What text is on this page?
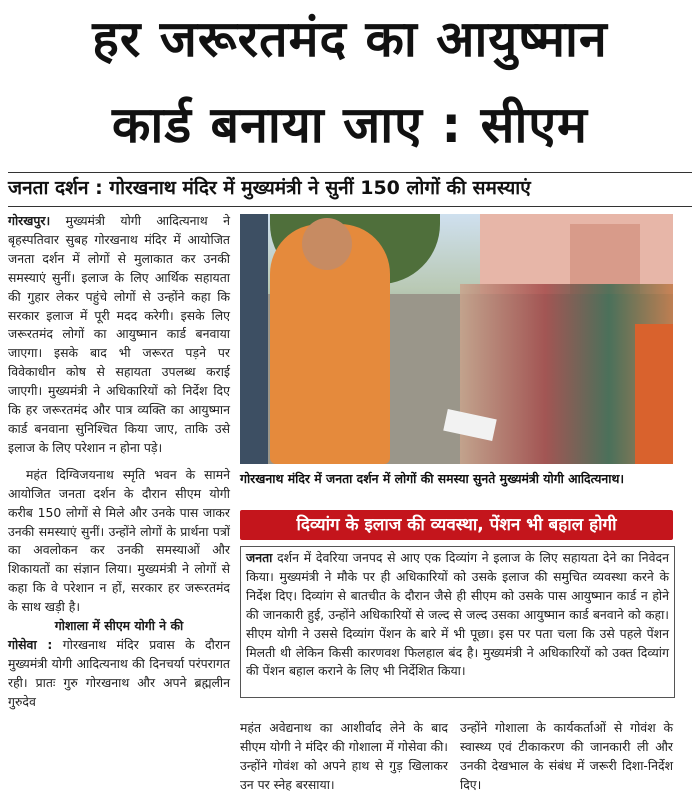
हर जरूरतमंद का आयुष्मान
कार्ड बनाया जाए : सीएम
जनता दर्शन : गोरखनाथ मंदिर में मुख्यमंत्री ने सुनीं 150 लोगों की समस्याएं

गोरखपुर। मुख्यमंत्री योगी आदित्यनाथ ने बृहस्पतिवार सुबह गोरखनाथ मंदिर में आयोजित जनता दर्शन में लोगों से मुलाकात कर उनकी समस्याएं सुनीं। इलाज के लिए आर्थिक सहायता की गुहार लेकर पहुंचे लोगों से उन्होंने कहा कि सरकार इलाज में पूरी मदद करेगी। इसके लिए जरूरतमंद लोगों का आयुष्मान कार्ड बनवाया जाएगा। इसके बाद भी जरूरत पड़ने पर विवेकाधीन कोष से सहायता उपलब्ध कराई जाएगी। मुख्यमंत्री ने अधिकारियों को निर्देश दिए कि हर जरूरतमंद और पात्र व्यक्ति का आयुष्मान कार्ड बनवाना सुनिश्चित किया जाए, ताकि उसे इलाज के लिए परेशान न होना पड़े।

महंत दिग्विजयनाथ स्मृति भवन के सामने आयोजित जनता दर्शन के दौरान सीएम योगी करीब 150 लोगों से मिले और उनके पास जाकर उनकी समस्याएं सुनीं। उन्होंने लोगों के प्रार्थना पत्रों का अवलोकन कर उनकी समस्याओं और शिकायतों का संज्ञान लिया। मुख्यमंत्री ने लोगों से कहा कि वे परेशान न हों, सरकार हर जरूरतमंद के साथ खड़ी है।

गोशाला में सीएम योगी ने की

गोसेवा : गोरखनाथ मंदिर प्रवास के दौरान मुख्यमंत्री योगी आदित्यनाथ की दिनचर्या परंपरागत रही। प्रातः गुरु गोरखनाथ और अपने ब्रह्मलीन गुरुदेव

गोरखनाथ मंदिर में जनता दर्शन में लोगों की समस्या सुनते मुख्यमंत्री योगी आदित्यनाथ।
दिव्यांग के इलाज की व्यवस्था, पेंशन भी बहाल होगी

जनता दर्शन में देवरिया जनपद से आए एक दिव्यांग ने इलाज के लिए सहायता देने का निवेदन किया। मुख्यमंत्री ने मौके पर ही अधिकारियों को उसके इलाज की समुचित व्यवस्था करने के निर्देश दिए। दिव्यांग से बातचीत के दौरान जैसे ही सीएम को उसके पास आयुष्मान कार्ड न होने की जानकारी हुई, उन्होंने अधिकारियों से जल्द से जल्द उसका आयुष्मान कार्ड बनवाने को कहा। सीएम योगी ने उससे दिव्यांग पेंशन के बारे में भी पूछा। इस पर पता चला कि उसे पहले पेंशन मिलती थी लेकिन किसी कारणवश फिलहाल बंद है। मुख्यमंत्री ने अधिकारियों को उक्त दिव्यांग की पेंशन बहाल कराने के लिए भी निर्देशित किया।

महंत अवेद्यनाथ का आशीर्वाद लेने के बाद सीएम योगी ने मंदिर की गोशाला में गोसेवा की। उन्होंने गोवंश को अपने हाथ से गुड़ खिलाकर उन पर स्नेह बरसाया।

उन्होंने गोशाला के कार्यकर्ताओं से गोवंश के स्वास्थ्य एवं टीकाकरण की जानकारी ली और उनकी देखभाल के संबंध में जरूरी दिशा-निर्देश दिए।
